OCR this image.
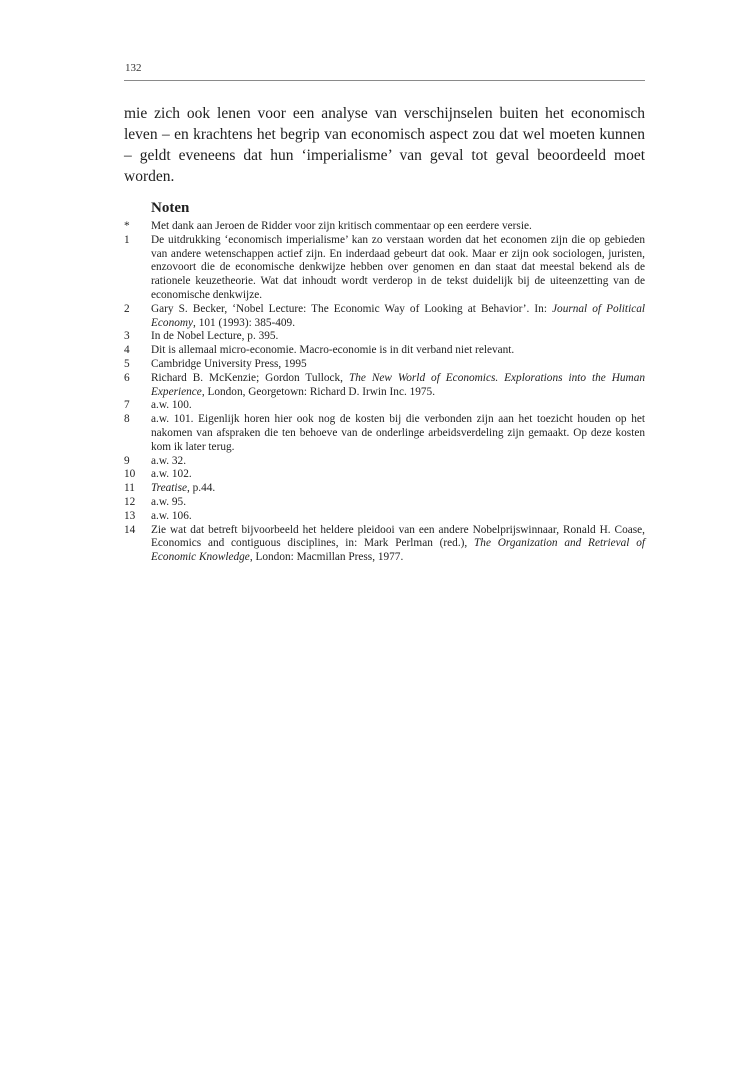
132

mie zich ook lenen voor een analyse van verschijnselen buiten het economisch leven – en krachtens het begrip van economisch aspect zou dat wel moeten kunnen – geldt eveneens dat hun ‘imperialisme’ van geval tot geval beoordeeld moet worden.

Noten
*	Met dank aan Jeroen de Ridder voor zijn kritisch commentaar op een eerdere versie.
1	De uitdrukking ‘economisch imperialisme’ kan zo verstaan worden dat het economen zijn die op gebieden van andere wetenschappen actief zijn. En inderdaad gebeurt dat ook. Maar er zijn ook sociologen, juristen, enzovoort die de economische denkwijze hebben over genomen en dan staat dat meestal bekend als de rationele keuzetheorie. Wat dat inhoudt wordt verderop in de tekst duidelijk bij de uiteenzetting van de economische denkwijze.
2	Gary S. Becker, ‘Nobel Lecture: The Economic Way of Looking at Behavior’. In: Journal of Political Economy, 101 (1993): 385-409.
3	In de Nobel Lecture, p. 395.
4	Dit is allemaal micro-economie. Macro-economie is in dit verband niet relevant.
5	Cambridge University Press, 1995
6	Richard B. McKenzie; Gordon Tullock, The New World of Economics. Explorations into the Human Experience, London, Georgetown: Richard D. Irwin Inc. 1975.
7	a.w. 100.
8	a.w. 101. Eigenlijk horen hier ook nog de kosten bij die verbonden zijn aan het toezicht houden op het nakomen van afspraken die ten behoeve van de onderlinge arbeidsverdeling zijn gemaakt. Op deze kosten kom ik later terug.
9	a.w. 32.
10	a.w. 102.
11	Treatise, p.44.
12	a.w. 95.
13	a.w. 106.
14	Zie wat dat betreft bijvoorbeeld het heldere pleidooi van een andere Nobelprijswinnaar, Ronald H. Coase, Economics and contiguous disciplines, in: Mark Perlman (red.), The Organization and Retrieval of Economic Knowledge, London: Macmillan Press, 1977.
